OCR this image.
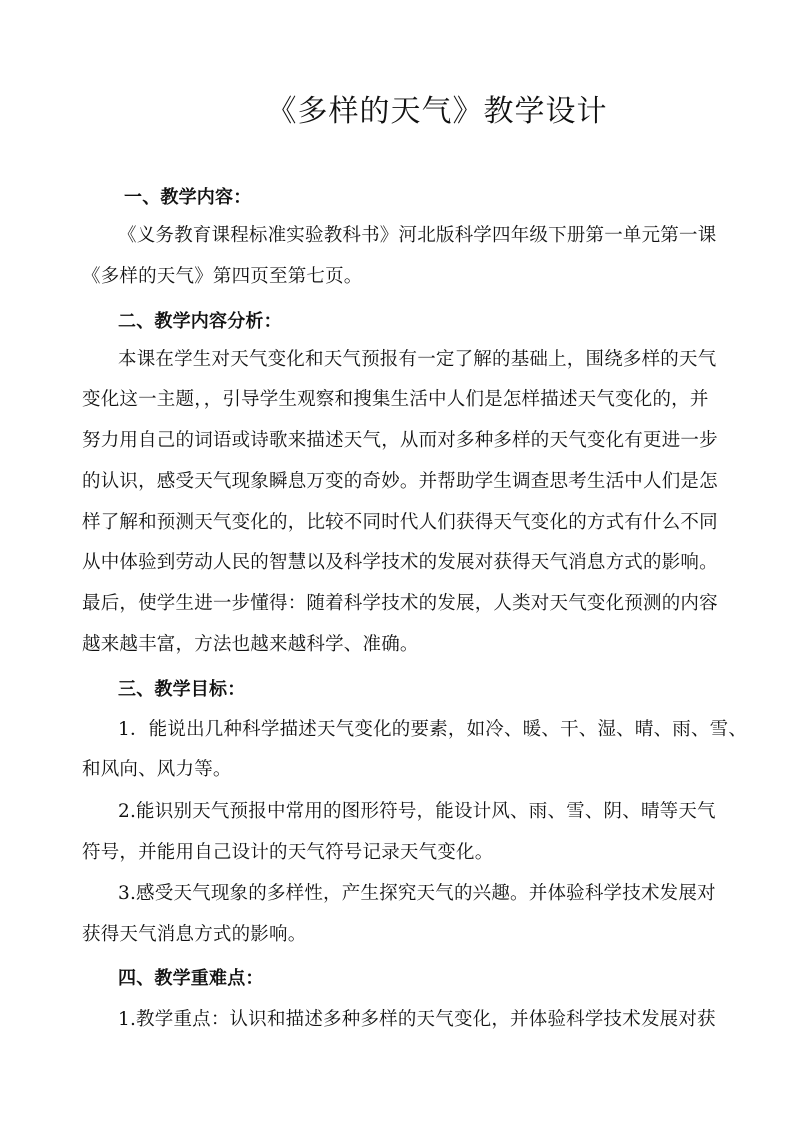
《多样的天气》教学设计
一、教学内容：
《义务教育课程标准实验教科书》河北版科学四年级下册第一单元第一课
《多样的天气》第四页至第七页。
二、教学内容分析：
本课在学生对天气变化和天气预报有一定了解的基础上，围绕多样的天气
变化这一主题，，引导学生观察和搜集生活中人们是怎样描述天气变化的，并
努力用自己的词语或诗歌来描述天气，从而对多种多样的天气变化有更进一步
的认识，感受天气现象瞬息万变的奇妙。并帮助学生调查思考生活中人们是怎
样了解和预测天气变化的，比较不同时代人们获得天气变化的方式有什么不同
从中体验到劳动人民的智慧以及科学技术的发展对获得天气消息方式的影响。
最后，使学生进一步懂得：随着科学技术的发展，人类对天气变化预测的内容
越来越丰富，方法也越来越科学、准确。
三、教学目标：
1．能说出几种科学描述天气变化的要素，如冷、暖、干、湿、晴、雨、雪、
和风向、风力等。
2.能识别天气预报中常用的图形符号，能设计风、雨、雪、阴、晴等天气
符号，并能用自己设计的天气符号记录天气变化。
3.感受天气现象的多样性，产生探究天气的兴趣。并体验科学技术发展对
获得天气消息方式的影响。
四、教学重难点：
1.教学重点：认识和描述多种多样的天气变化，并体验科学技术发展对获
